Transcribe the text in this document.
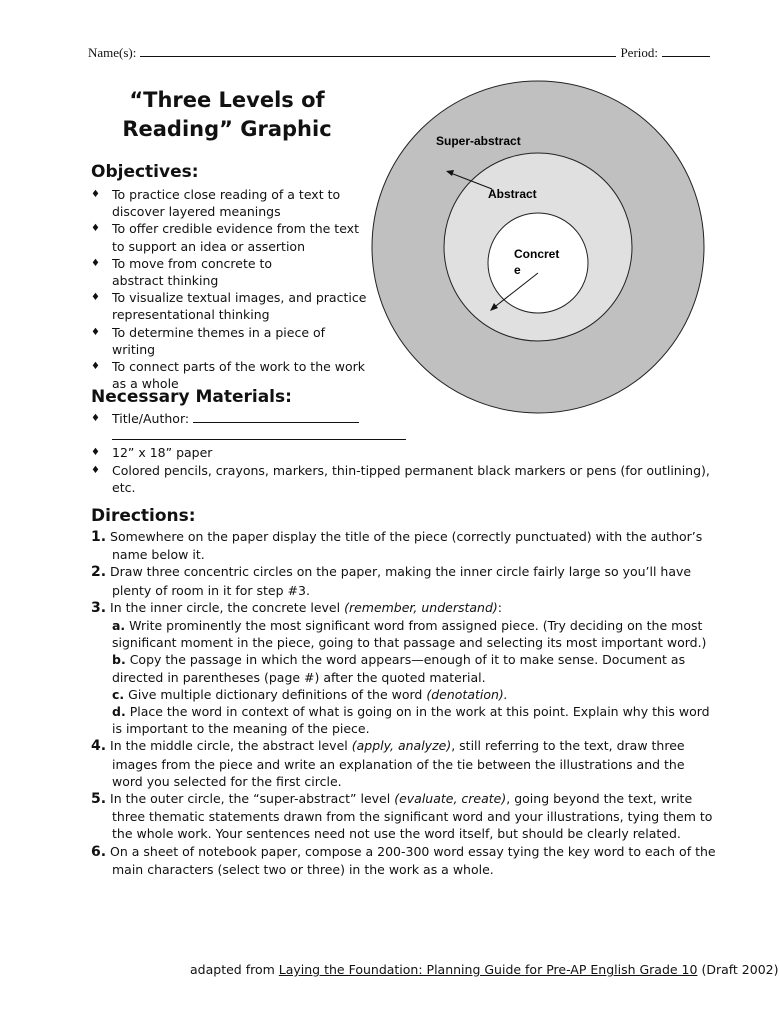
Name(s):	Period:
“Three Levels of
Reading” Graphic
Objectives:
♦ To practice close reading of a text to discover layered meanings
♦ To offer credible evidence from the text to support an idea or assertion
♦ To move from concrete to abstract thinking
♦ To visualize textual images, and practice representational thinking
♦ To determine themes in a piece of writing
♦ To connect parts of the work to the work as a whole
Super-abstract
Abstract
Concret
e
Necessary Materials:
♦ Title/Author:
♦ 12” x 18” paper
♦ Colored pencils, crayons, markers, thin-tipped permanent black markers or pens (for outlining), etc.
Directions:
1. Somewhere on the paper display the title of the piece (correctly punctuated) with the author’s name below it.
2. Draw three concentric circles on the paper, making the inner circle fairly large so you’ll have plenty of room in it for step #3.
3. In the inner circle, the concrete level (remember, understand):
a. Write prominently the most significant word from assigned piece. (Try deciding on the most significant moment in the piece, going to that passage and selecting its most important word.)
b. Copy the passage in which the word appears—enough of it to make sense. Document as directed in parentheses (page #) after the quoted material.
c. Give multiple dictionary definitions of the word (denotation).
d. Place the word in context of what is going on in the work at this point. Explain why this word is important to the meaning of the piece.
4. In the middle circle, the abstract level (apply, analyze), still referring to the text, draw three images from the piece and write an explanation of the tie between the illustrations and the word you selected for the first circle.
5. In the outer circle, the “super-abstract” level (evaluate, create), going beyond the text, write three thematic statements drawn from the significant word and your illustrations, tying them to the whole work. Your sentences need not use the word itself, but should be clearly related.
6. On a sheet of notebook paper, compose a 200-300 word essay tying the key word to each of the main characters (select two or three) in the work as a whole.
adapted from Laying the Foundation: Planning Guide for Pre-AP English Grade 10 (Draft 2002)
